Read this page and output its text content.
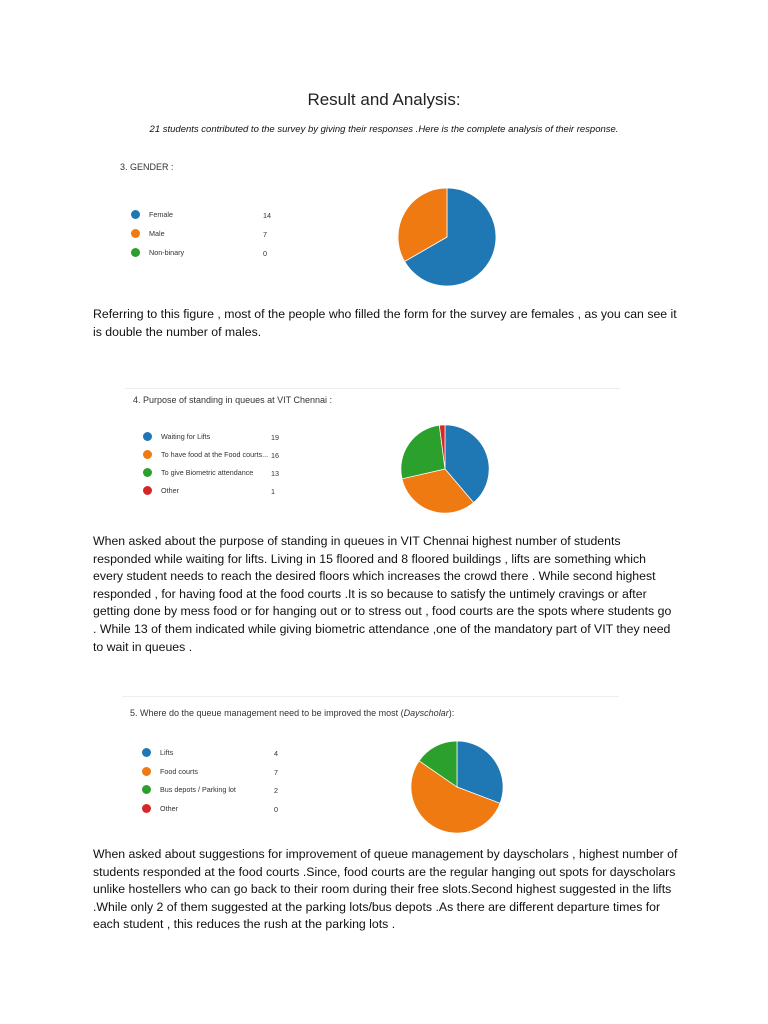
Result and Analysis:
21 students contributed to the survey by giving their responses .Here is the complete analysis of their response.
3. GENDER :
Female	14
Male	7
Non-binary	0
Referring to this figure , most of the people who filled the form for the survey are females , as you can see it is double the number of males.
4. Purpose of standing in queues at VIT Chennai :
Waiting for Lifts	19
To have food at the Food courts... 16
To give Biometric attendance 13
Other	1
When asked about the purpose of standing in queues in VIT Chennai highest number of students responded while waiting for lifts. Living in 15 floored and 8 floored buildings , lifts are something which every student needs to reach the desired floors which increases the crowd there . While second highest responded , for having food at the food courts .It is so because to satisfy the untimely cravings or after getting done by mess food or for hanging out or to stress out , food courts are the spots where students go . While 13 of them indicated while giving biometric attendance ,one of the mandatory part of VIT they need to wait in queues .
5. Where do the queue management need to be improved the most (Dayscholar):
Lifts	4
Food courts	7
Bus depots / Parking lot	2
Other	0
When asked about suggestions for improvement of queue management by dayscholars , highest number of students responded at the food courts .Since, food courts are the regular hanging out spots for dayscholars unlike hostellers who can go back to their room during their free slots.Second highest suggested in the lifts .While only 2 of them suggested at the parking lots/bus depots .As there are different departure times for each student , this reduces the rush at the parking lots .
